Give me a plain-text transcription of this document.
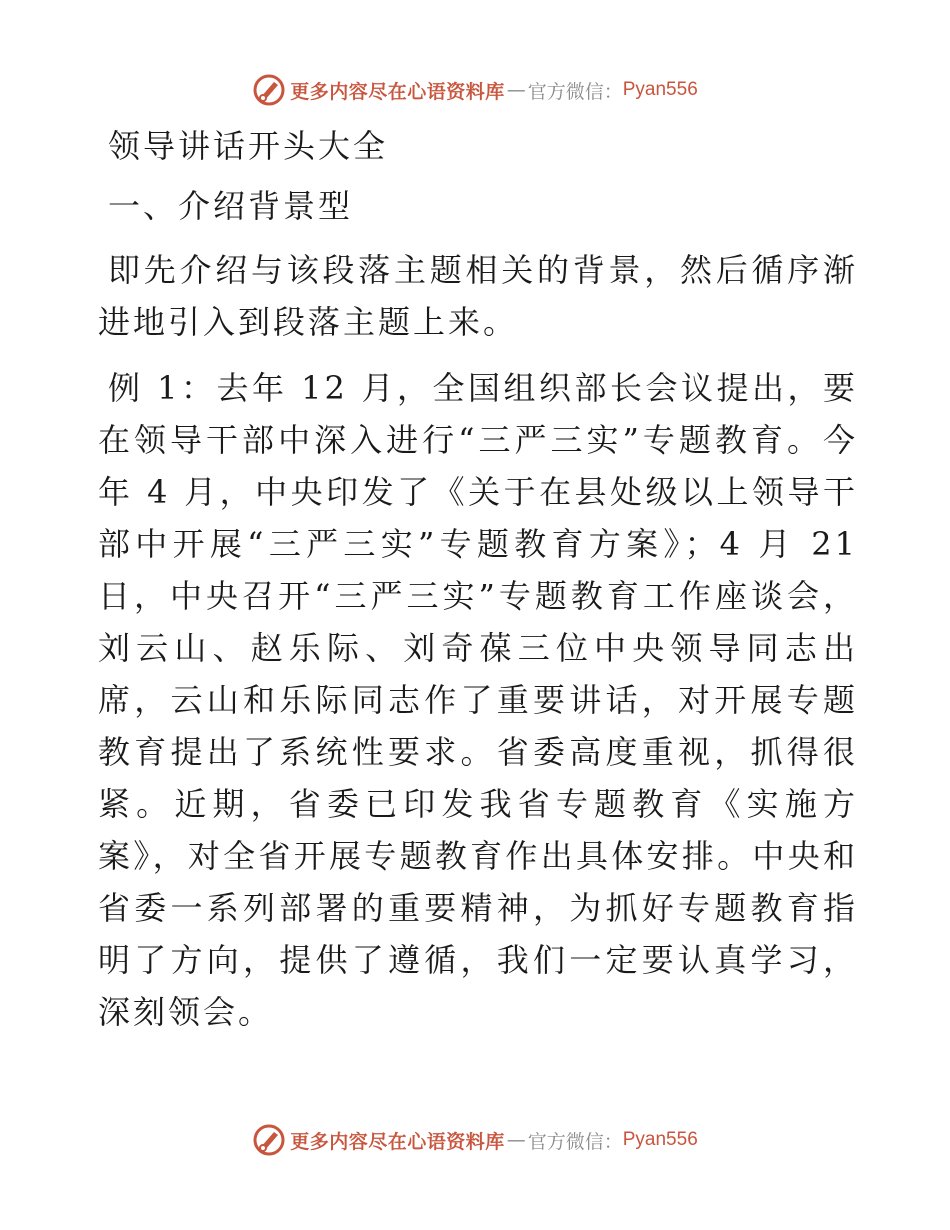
更多内容尽在心语资料库 — 官方微信： Pyan556
领导讲话开头大全
一、介绍背景型

即先介绍与该段落主题相关的背景，然后循序渐进地引入到段落主题上来。

例 1：去年 12 月，全国组织部长会议提出，要在领导干部中深入进行“三严三实”专题教育。今年 4 月，中央印发了《关于在县处级以上领导干部中开展“三严三实”专题教育方案》；4 月 21 日，中央召开“三严三实”专题教育工作座谈会，刘云山、赵乐际、刘奇葆三位中央领导同志出席，云山和乐际同志作了重要讲话，对开展专题教育提出了系统性要求。省委高度重视，抓得很紧。近期，省委已印发我省专题教育《实施方案》，对全省开展专题教育作出具体安排。中央和省委一系列部署的重要精神，为抓好专题教育指明了方向，提供了遵循，我们一定要认真学习，深刻领会。

更多内容尽在心语资料库 — 官方微信： Pyan556
